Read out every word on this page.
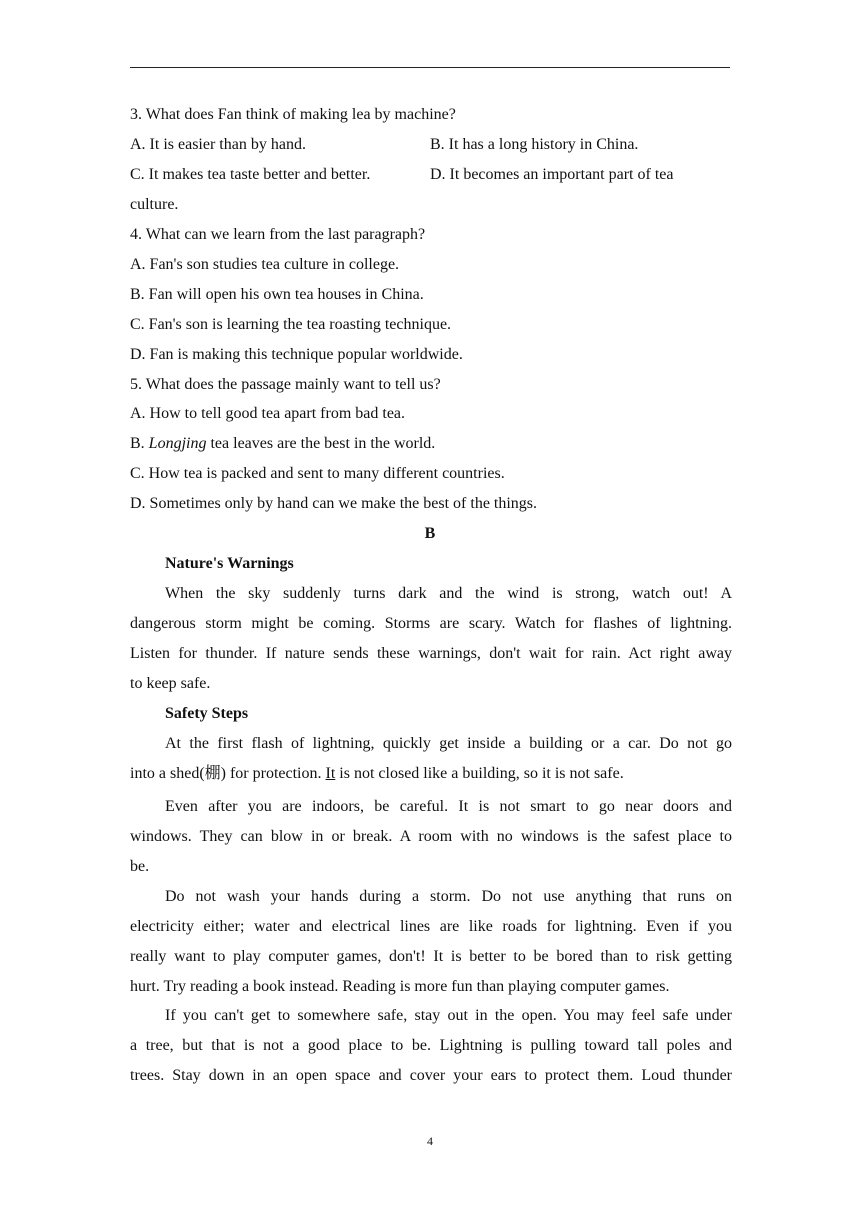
3. What does Fan think of making lea by machine?
A. It is easier than by hand.	B. It has a long history in China.
C. It makes tea taste better and better.	D. It becomes an important part of tea
culture.
4. What can we learn from the last paragraph?
A. Fan's son studies tea culture in college.
B. Fan will open his own tea houses in China.
C. Fan's son is learning the tea roasting technique.
D. Fan is making this technique popular worldwide.
5. What does the passage mainly want to tell us?
A. How to tell good tea apart from bad tea.
B. Longjing tea leaves are the best in the world.
C. How tea is packed and sent to many different countries.
D. Sometimes only by hand can we make the best of the things.
B
Nature's Warnings
When the sky suddenly turns dark and the wind is strong, watch out! A
dangerous storm might be coming. Storms are scary. Watch for flashes of lightning.
Listen for thunder. If nature sends these warnings, don't wait for rain. Act right away
to keep safe.
Safety Steps
At the first flash of lightning, quickly get inside a building or a car. Do not go
into a shed(棚) for protection. It is not closed like a building, so it is not safe.
Even after you are indoors, be careful. It is not smart to go near doors and
windows. They can blow in or break. A room with no windows is the safest place to
be.
Do not wash your hands during a storm. Do not use anything that runs on
electricity either; water and electrical lines are like roads for lightning. Even if you
really want to play computer games, don't! It is better to be bored than to risk getting
hurt. Try reading a book instead. Reading is more fun than playing computer games.
If you can't get to somewhere safe, stay out in the open. You may feel safe under
a tree, but that is not a good place to be. Lightning is pulling toward tall poles and
trees. Stay down in an open space and cover your ears to protect them. Loud thunder
4
